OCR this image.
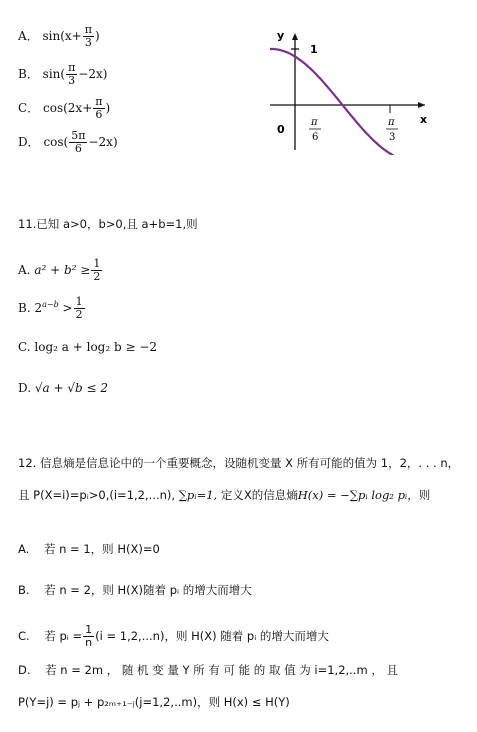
A． $\sin(x+ \frac{\pi}{3}$ )
B． $\sin( \frac{\pi}{3} -2x)$
C． $\cos(2x+ \frac{\pi}{6}$ )
D． $\cos( \frac{5\pi}{6} -2x)$
y
x
0
1
π
6
π
3
11.已知 a>0，b>0,且 a+b=1,则
A. $a^2 + b^2 \ge \frac{1}{2}$
B. $2^{a-b} > \frac{1}{2}$
C. log₂ a + log₂ b ≥ −2
D. √a + √b ≤ 2
12. 信息熵是信息论中的一个重要概念，设随机变量 X 所有可能的值为 1，2，. . . n，
且 P(X=i)=pᵢ>0,(i=1,2,...n), ∑pᵢ=1, 定义X的信息熵H(x) = −∑pᵢ log₂ pᵢ，则
A. 若 n = 1，则 H(X)=0
B. 若 n = 2，则 H(X)随着 pᵢ 的增大而增大
C. 若 pᵢ = $\frac{1}{n} (i = 1,2,...n)$，则 H(X) 随着 pᵢ 的增大而增大
D. 若 n = 2m ， 随 机 变 量 Y 所 有 可 能 的 取 值 为 i=1,2,..m ， 且
P(Y=j) = pⱼ + p₂ₘ₊₁₋ⱼ(j=1,2,..m)，则 H(x) ≤ H(Y)
